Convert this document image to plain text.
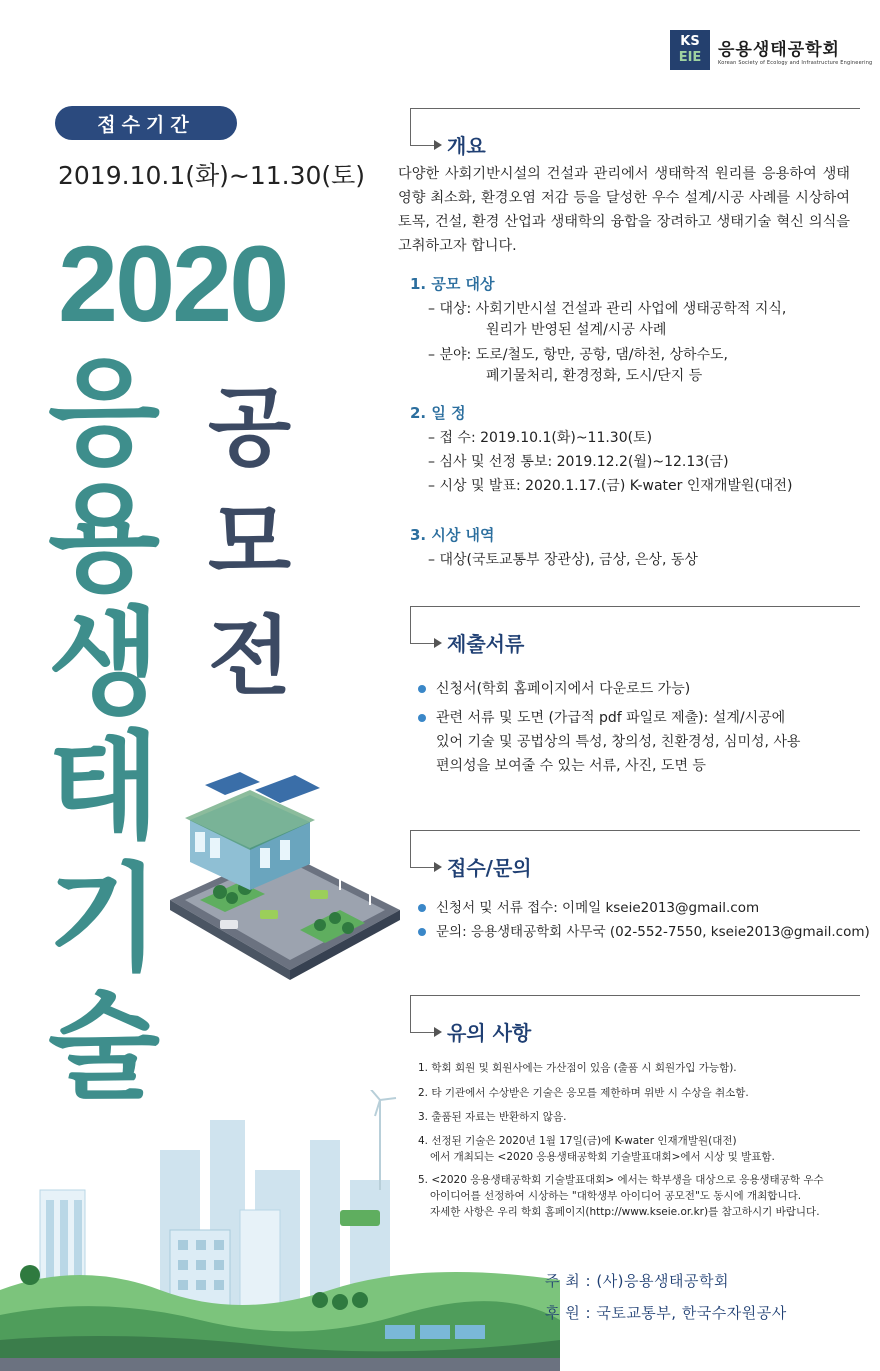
KS
EIE 응용생태공학회
Korean Society of Ecology and Infrastructure Engineering
접수기간
2019.10.1(화)~11.30(토)
2020
응
용
생
태
기
술
공
모
전
개요
다양한 사회기반시설의 건설과 관리에서 생태학적 원리를 응용하여 생태 영향 최소화, 환경오염 저감 등을 달성한 우수 설계/시공 사례를 시상하여 토목, 건설, 환경 산업과 생태학의 융합을 장려하고 생태기술 혁신 의식을 고취하고자 합니다.
1. 공모 대상
– 대상: 사회기반시설 건설과 관리 사업에 생태공학적 지식,
원리가 반영된 설계/시공 사례
– 분야: 도로/철도, 항만, 공항, 댐/하천, 상하수도,
폐기물처리, 환경정화, 도시/단지 등
2. 일 정
– 접 수: 2019.10.1(화)~11.30(토)
– 심사 및 선정 통보: 2019.12.2(월)~12.13(금)
– 시상 및 발표: 2020.1.17.(금) K-water 인재개발원(대전)
3. 시상 내역
– 대상(국토교통부 장관상), 금상, 은상, 동상
제출서류
신청서(학회 홈페이지에서 다운로드 가능)
관련 서류 및 도면 (가급적 pdf 파일로 제출): 설계/시공에
있어 기술 및 공법상의 특성, 창의성, 친환경성, 심미성, 사용
편의성을 보여줄 수 있는 서류, 사진, 도면 등
접수/문의
신청서 및 서류 접수: 이메일 kseie2013@gmail.com
문의: 응용생태공학회 사무국 (02-552-7550, kseie2013@gmail.com)
유의 사항
1. 학회 회원 및 회원사에는 가산점이 있음 (출품 시 회원가입 가능함).
2. 타 기관에서 수상받은 기술은 응모를 제한하며 위반 시 수상을 취소함.
3. 출품된 자료는 반환하지 않음.
4. 선정된 기술은 2020년 1월 17일(금)에 K-water 인재개발원(대전)
에서 개최되는 <2020 응용생태공학회 기술발표대회>에서 시상 및 발표함.
5. <2020 응용생태공학회 기술발표대회> 에서는 학부생을 대상으로 응용생태공학 우수
아이디어를 선정하여 시상하는 "대학생부 아이디어 공모전"도 동시에 개최합니다.
자세한 사항은 우리 학회 홈페이지(http://www.kseie.or.kr)를 참고하시기 바랍니다.
주 최 : (사)응용생태공학회
후 원 : 국토교통부, 한국수자원공사
